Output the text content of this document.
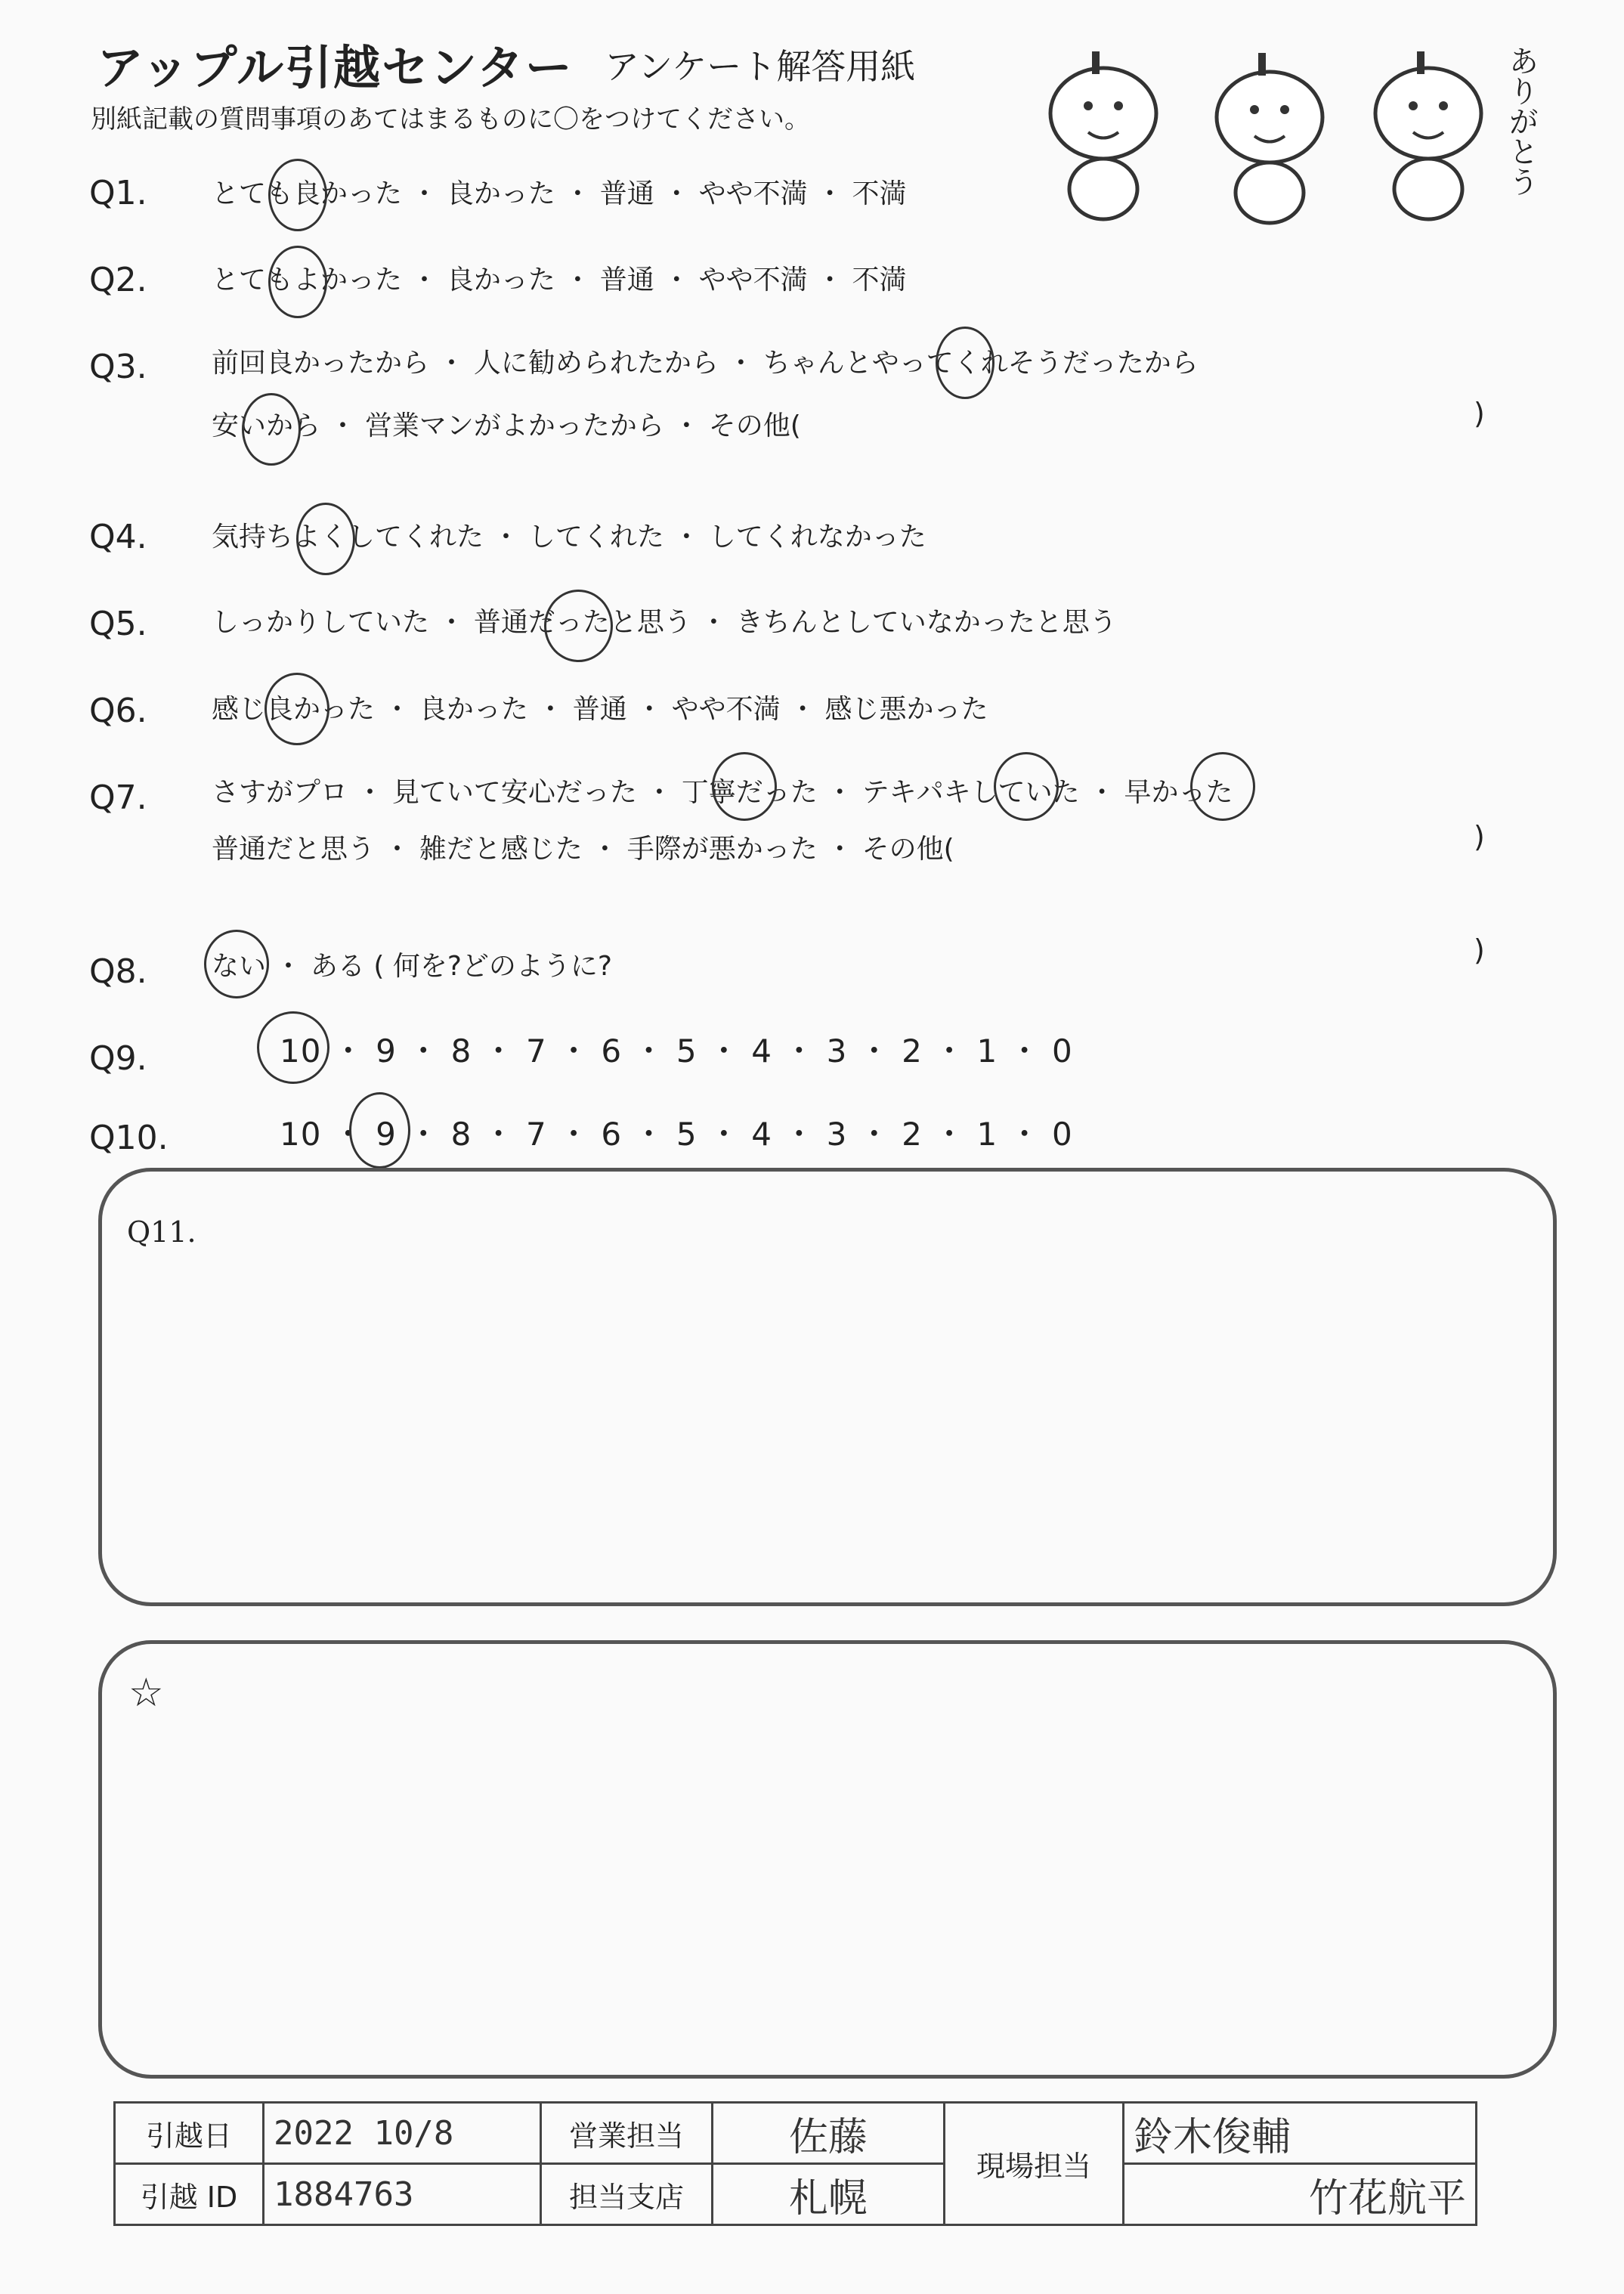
アップル引越センター アンケート解答用紙
別紙記載の質問事項のあてはまるものに〇をつけてください。	ありがとう
Q1. とても良かった ・ 良かった ・ 普通 ・ やや不満 ・ 不満
Q2. とてもよかった ・ 良かった ・ 普通 ・ やや不満 ・ 不満
Q3. 前回良かったから ・ 人に勧められたから ・ ちゃんとやってくれそうだったから
安いから ・ 営業マンがよかったから ・ その他(	)
Q4. 気持ちよくしてくれた ・ してくれた ・ してくれなかった
Q5. しっかりしていた ・ 普通だったと思う ・ きちんとしていなかったと思う
Q6. 感じ良かった ・ 良かった ・ 普通 ・ やや不満 ・ 感じ悪かった
Q7. さすがプロ ・ 見ていて安心だった ・ 丁寧だった ・ テキパキしていた ・ 早かった
普通だと思う ・ 雑だと感じた ・ 手際が悪かった ・ その他(	)
Q8. ない ・ ある ( 何を?どのように?	)
Q9.	10 ・ 9 ・ 8 ・ 7 ・ 6 ・ 5 ・ 4 ・ 3 ・ 2 ・ 1 ・ 0
Q10.	10 ・ 9 ・ 8 ・ 7 ・ 6 ・ 5 ・ 4 ・ 3 ・ 2 ・ 1 ・ 0
Q11.
☆
引越日	2022 10/8	営業担当	佐藤	現場担当	鈴木俊輔
引越 ID	1884763	担当支店	札幌		竹花航平
